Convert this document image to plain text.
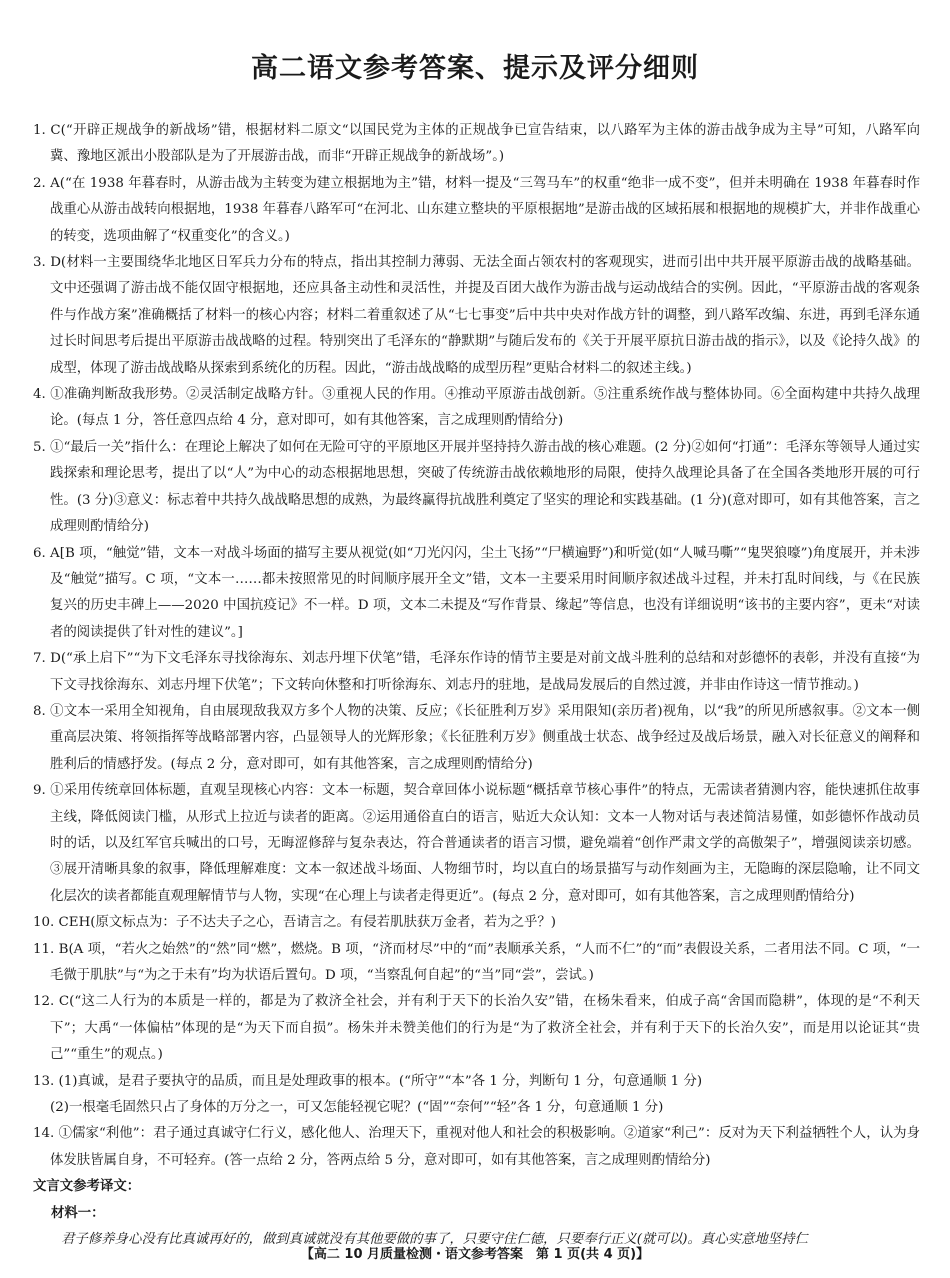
高二语文参考答案、提示及评分细则

1. C(“开辟正规战争的新战场”错，根据材料二原文“以国民党为主体的正规战争已宣告结束，以八路军为主体的游击战争成为主导”可知，八路军向冀、豫地区派出小股部队是为了开展游击战，而非“开辟正规战争的新战场”。)

2. A(“在 1938 年暮春时，从游击战为主转变为建立根据地为主”错，材料一提及“三驾马车”的权重“绝非一成不变”，但并未明确在 1938 年暮春时作战重心从游击战转向根据地，1938 年暮春八路军可“在河北、山东建立整块的平原根据地”是游击战的区域拓展和根据地的规模扩大，并非作战重心的转变，选项曲解了“权重变化”的含义。)

3. D(材料一主要围绕华北地区日军兵力分布的特点，指出其控制力薄弱、无法全面占领农村的客观现实，进而引出中共开展平原游击战的战略基础。文中还强调了游击战不能仅固守根据地，还应具备主动性和灵活性，并提及百团大战作为游击战与运动战结合的实例。因此，“平原游击战的客观条件与作战方案”准确概括了材料一的核心内容；材料二着重叙述了从“七七事变”后中共中央对作战方针的调整，到八路军改编、东进，再到毛泽东通过长时间思考后提出平原游击战战略的过程。特别突出了毛泽东的“静默期”与随后发布的《关于开展平原抗日游击战的指示》，以及《论持久战》的成型，体现了游击战战略从探索到系统化的历程。因此，“游击战战略的成型历程”更贴合材料二的叙述主线。)

4. ①准确判断敌我形势。②灵活制定战略方针。③重视人民的作用。④推动平原游击战创新。⑤注重系统作战与整体协同。⑥全面构建中共持久战理论。(每点 1 分，答任意四点给 4 分，意对即可，如有其他答案，言之成理则酌情给分)

5. ①“最后一关”指什么：在理论上解决了如何在无险可守的平原地区开展并坚持持久游击战的核心难题。(2 分)②如何“打通”：毛泽东等领导人通过实践探索和理论思考，提出了以“人”为中心的动态根据地思想，突破了传统游击战依赖地形的局限，使持久战理论具备了在全国各类地形开展的可行性。(3 分)③意义：标志着中共持久战战略思想的成熟，为最终赢得抗战胜利奠定了坚实的理论和实践基础。(1 分)(意对即可，如有其他答案，言之成理则酌情给分)

6. A[B 项，“触觉”错，文本一对战斗场面的描写主要从视觉(如“刀光闪闪，尘土飞扬”“尸横遍野”)和听觉(如“人喊马嘶”“鬼哭狼嚎”)角度展开，并未涉及“触觉”描写。C 项，“文本一……都未按照常见的时间顺序展开全文”错，文本一主要采用时间顺序叙述战斗过程，并未打乱时间线，与《在民族复兴的历史丰碑上——2020 中国抗疫记》不一样。D 项，文本二未提及“写作背景、缘起”等信息，也没有详细说明“该书的主要内容”，更未“对读者的阅读提供了针对性的建议”。]

7. D(“承上启下”“为下文毛泽东寻找徐海东、刘志丹埋下伏笔”错，毛泽东作诗的情节主要是对前文战斗胜利的总结和对彭德怀的表彰，并没有直接“为下文寻找徐海东、刘志丹埋下伏笔”；下文转向休整和打听徐海东、刘志丹的驻地，是战局发展后的自然过渡，并非由作诗这一情节推动。)

8. ①文本一采用全知视角，自由展现敌我双方多个人物的决策、反应；《长征胜利万岁》采用限知(亲历者)视角，以“我”的所见所感叙事。②文本一侧重高层决策、将领指挥等战略部署内容，凸显领导人的光辉形象；《长征胜利万岁》侧重战士状态、战争经过及战后场景，融入对长征意义的阐释和胜利后的情感抒发。(每点 2 分，意对即可，如有其他答案，言之成理则酌情给分)

9. ①采用传统章回体标题，直观呈现核心内容：文本一标题，契合章回体小说标题“概括章节核心事件”的特点，无需读者猜测内容，能快速抓住故事主线，降低阅读门槛，从形式上拉近与读者的距离。②运用通俗直白的语言，贴近大众认知：文本一人物对话与表述简洁易懂，如彭德怀作战动员时的话，以及红军官兵喊出的口号，无晦涩修辞与复杂表达，符合普通读者的语言习惯，避免端着“创作严肃文学的高傲架子”，增强阅读亲切感。③展开清晰具象的叙事，降低理解难度：文本一叙述战斗场面、人物细节时，均以直白的场景描写与动作刻画为主，无隐晦的深层隐喻，让不同文化层次的读者都能直观理解情节与人物，实现“在心理上与读者走得更近”。(每点 2 分，意对即可，如有其他答案，言之成理则酌情给分)

10. CEH(原文标点为：子不达夫子之心，吾请言之。有侵若肌肤获万金者，若为之乎？)

11. B(A 项，“若火之始然”的“然”同“燃”，燃烧。B 项，“济而材尽”中的“而”表顺承关系，“人而不仁”的“而”表假设关系，二者用法不同。C 项，“一毛微于肌肤”与“为之于未有”均为状语后置句。D 项，“当察乱何自起”的“当”同“尝”，尝试。)

12. C(“这二人行为的本质是一样的，都是为了救济全社会，并有利于天下的长治久安”错，在杨朱看来，伯成子高“舍国而隐耕”，体现的是“不利天下”；大禹“一体偏枯”体现的是“为天下而自损”。杨朱并未赞美他们的行为是“为了救济全社会，并有利于天下的长治久安”，而是用以论证其“贵己”“重生”的观点。)

13. (1)真诚，是君子要执守的品质，而且是处理政事的根本。(“所守”“本”各 1 分，判断句 1 分，句意通顺 1 分)

(2)一根毫毛固然只占了身体的万分之一，可又怎能轻视它呢？(“固”“奈何”“轻”各 1 分，句意通顺 1 分)

14. ①儒家“利他”：君子通过真诚守仁行义，感化他人、治理天下，重视对他人和社会的积极影响。②道家“利己”：反对为天下利益牺牲个人，认为身体发肤皆属自身，不可轻弃。(答一点给 2 分，答两点给 5 分，意对即可，如有其他答案，言之成理则酌情给分)

文言文参考译文：

材料一：

君子修养身心没有比真诚再好的，做到真诚就没有其他要做的事了，只要守住仁德，只要奉行正义(就可以)。真心实意地坚持仁

【高二 10 月质量检测・语文参考答案　第 1 页(共 4 页)】
